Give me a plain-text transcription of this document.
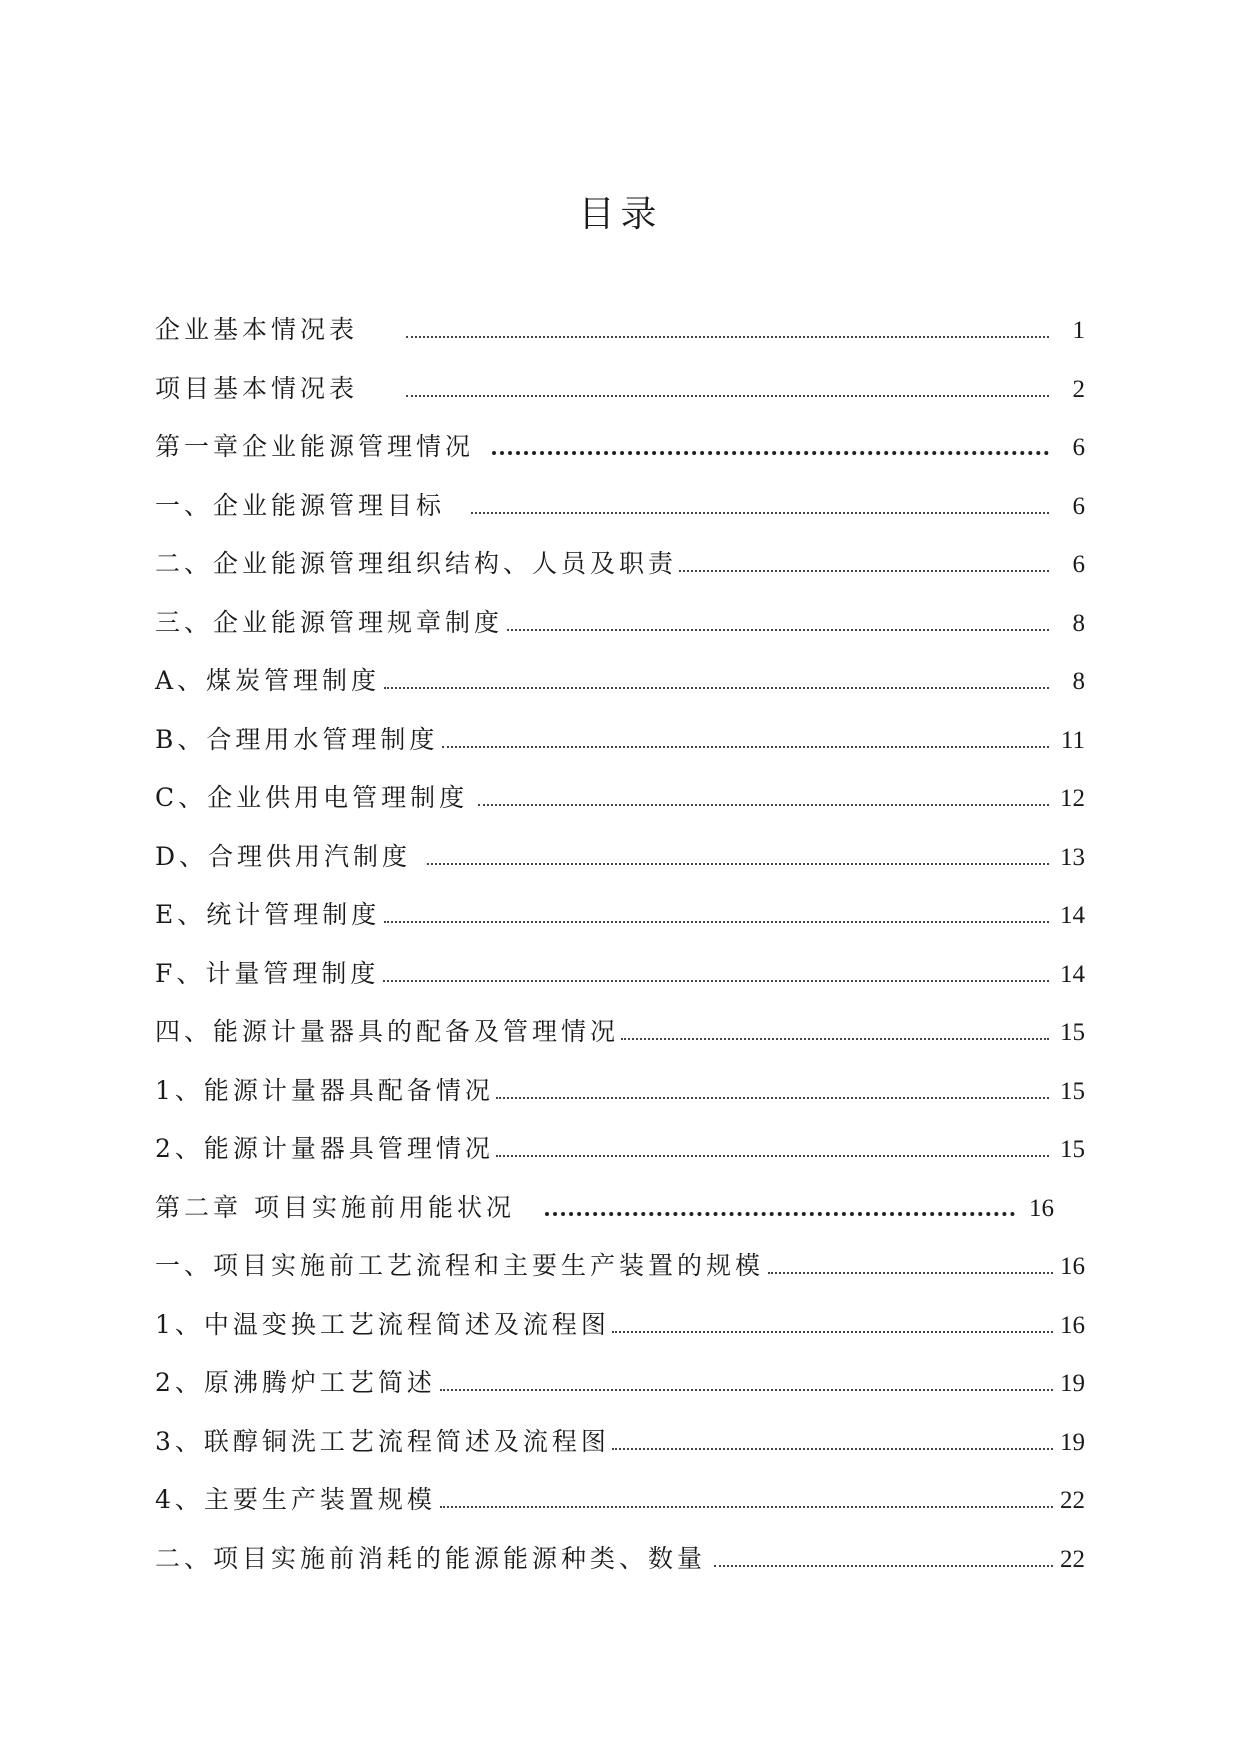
目录
企业基本情况表	1
项目基本情况表	2
第一章企业能源管理情况	6
一、企业能源管理目标	6
二、企业能源管理组织结构、人员及职责	6
三、企业能源管理规章制度	8
A、煤炭管理制度	8
B、合理用水管理制度	11
C、企业供用电管理制度	12
D、合理供用汽制度	13
E、统计管理制度	14
F、计量管理制度	14
四、能源计量器具的配备及管理情况	15
1、能源计量器具配备情况	15
2、能源计量器具管理情况	15
第二章 项目实施前用能状况	16
一、项目实施前工艺流程和主要生产装置的规模	16
1、中温变换工艺流程简述及流程图	16
2、原沸腾炉工艺简述	19
3、联醇铜洗工艺流程简述及流程图	19
4、主要生产装置规模	22
二、项目实施前消耗的能源能源种类、数量	22
